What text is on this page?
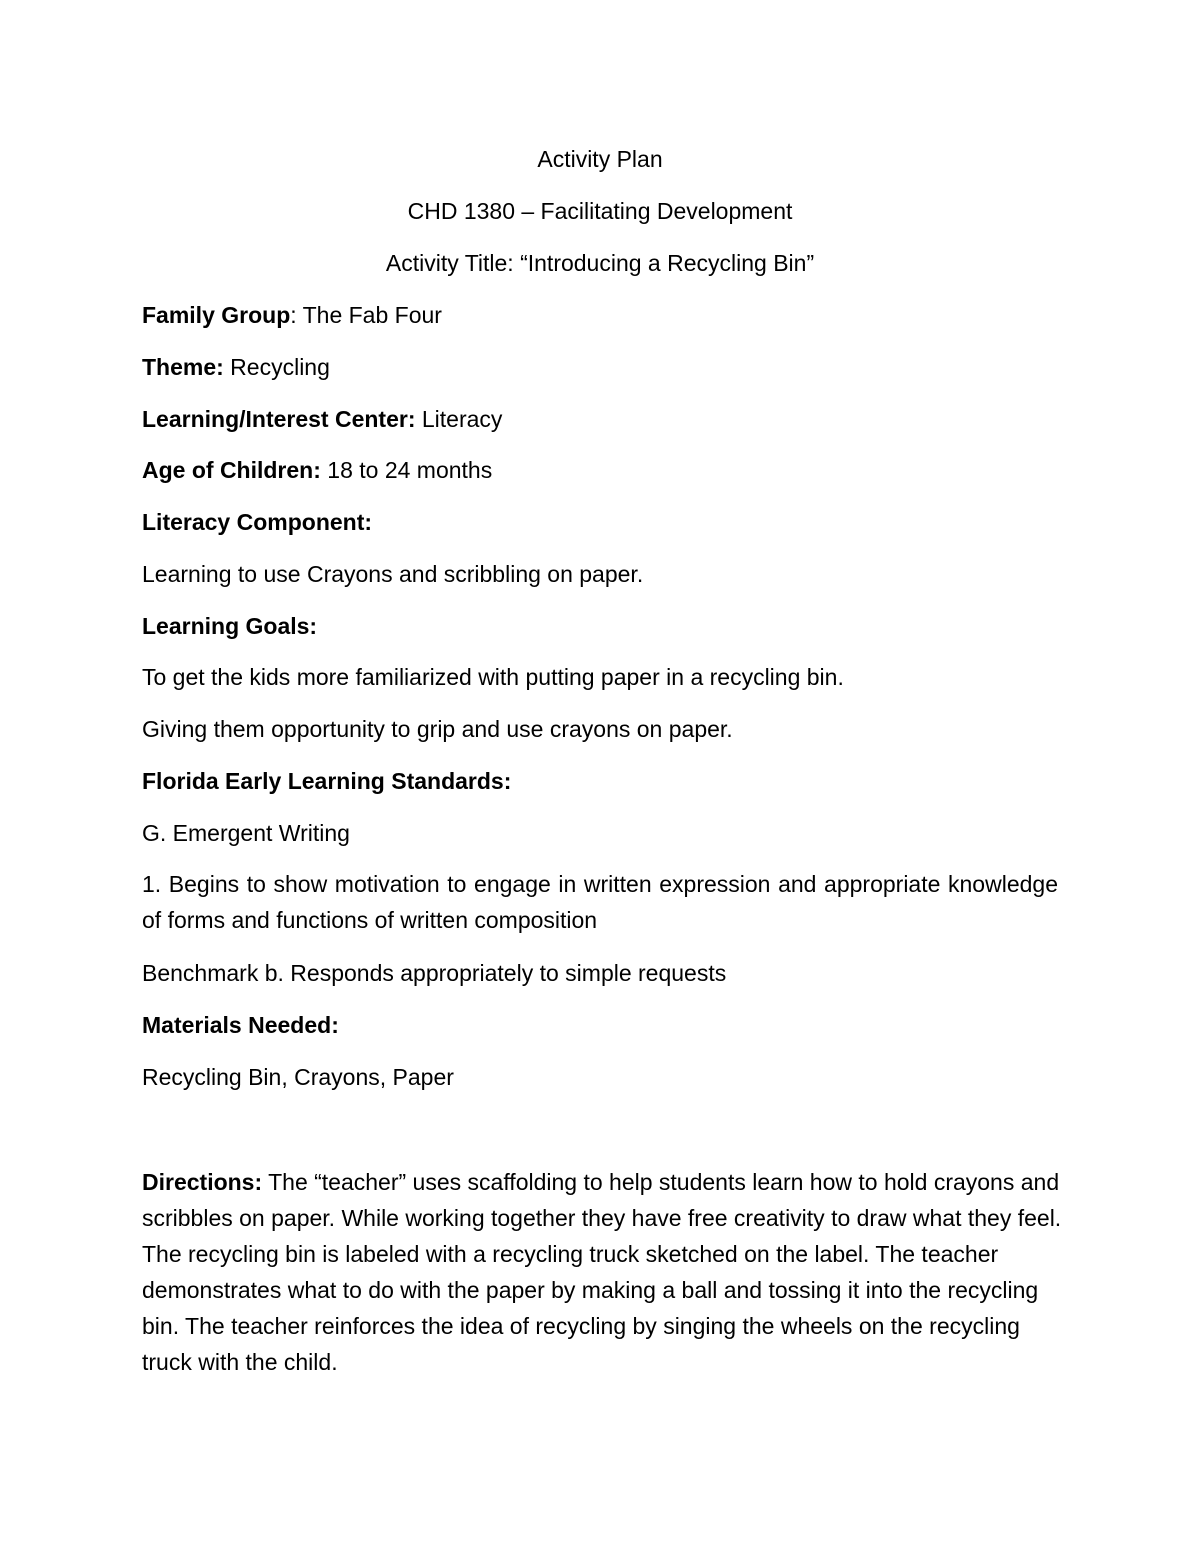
Activity Plan
CHD 1380 – Facilitating Development
Activity Title: “Introducing a Recycling Bin”
Family Group: The Fab Four
Theme: Recycling
Learning/Interest Center: Literacy
Age of Children: 18 to 24 months
Literacy Component:
Learning to use Crayons and scribbling on paper.
Learning Goals:
To get the kids more familiarized with putting paper in a recycling bin.
Giving them opportunity to grip and use crayons on paper.
Florida Early Learning Standards:
G. Emergent Writing
1. Begins to show motivation to engage in written expression and appropriate knowledge of forms and functions of written composition
Benchmark b. Responds appropriately to simple requests
Materials Needed:
Recycling Bin, Crayons, Paper
Directions: The “teacher” uses scaffolding to help students learn how to hold crayons and scribbles on paper. While working together they have free creativity to draw what they feel. The recycling bin is labeled with a recycling truck sketched on the label. The teacher demonstrates what to do with the paper by making a ball and tossing it into the recycling bin. The teacher reinforces the idea of recycling by singing the wheels on the recycling truck with the child.
